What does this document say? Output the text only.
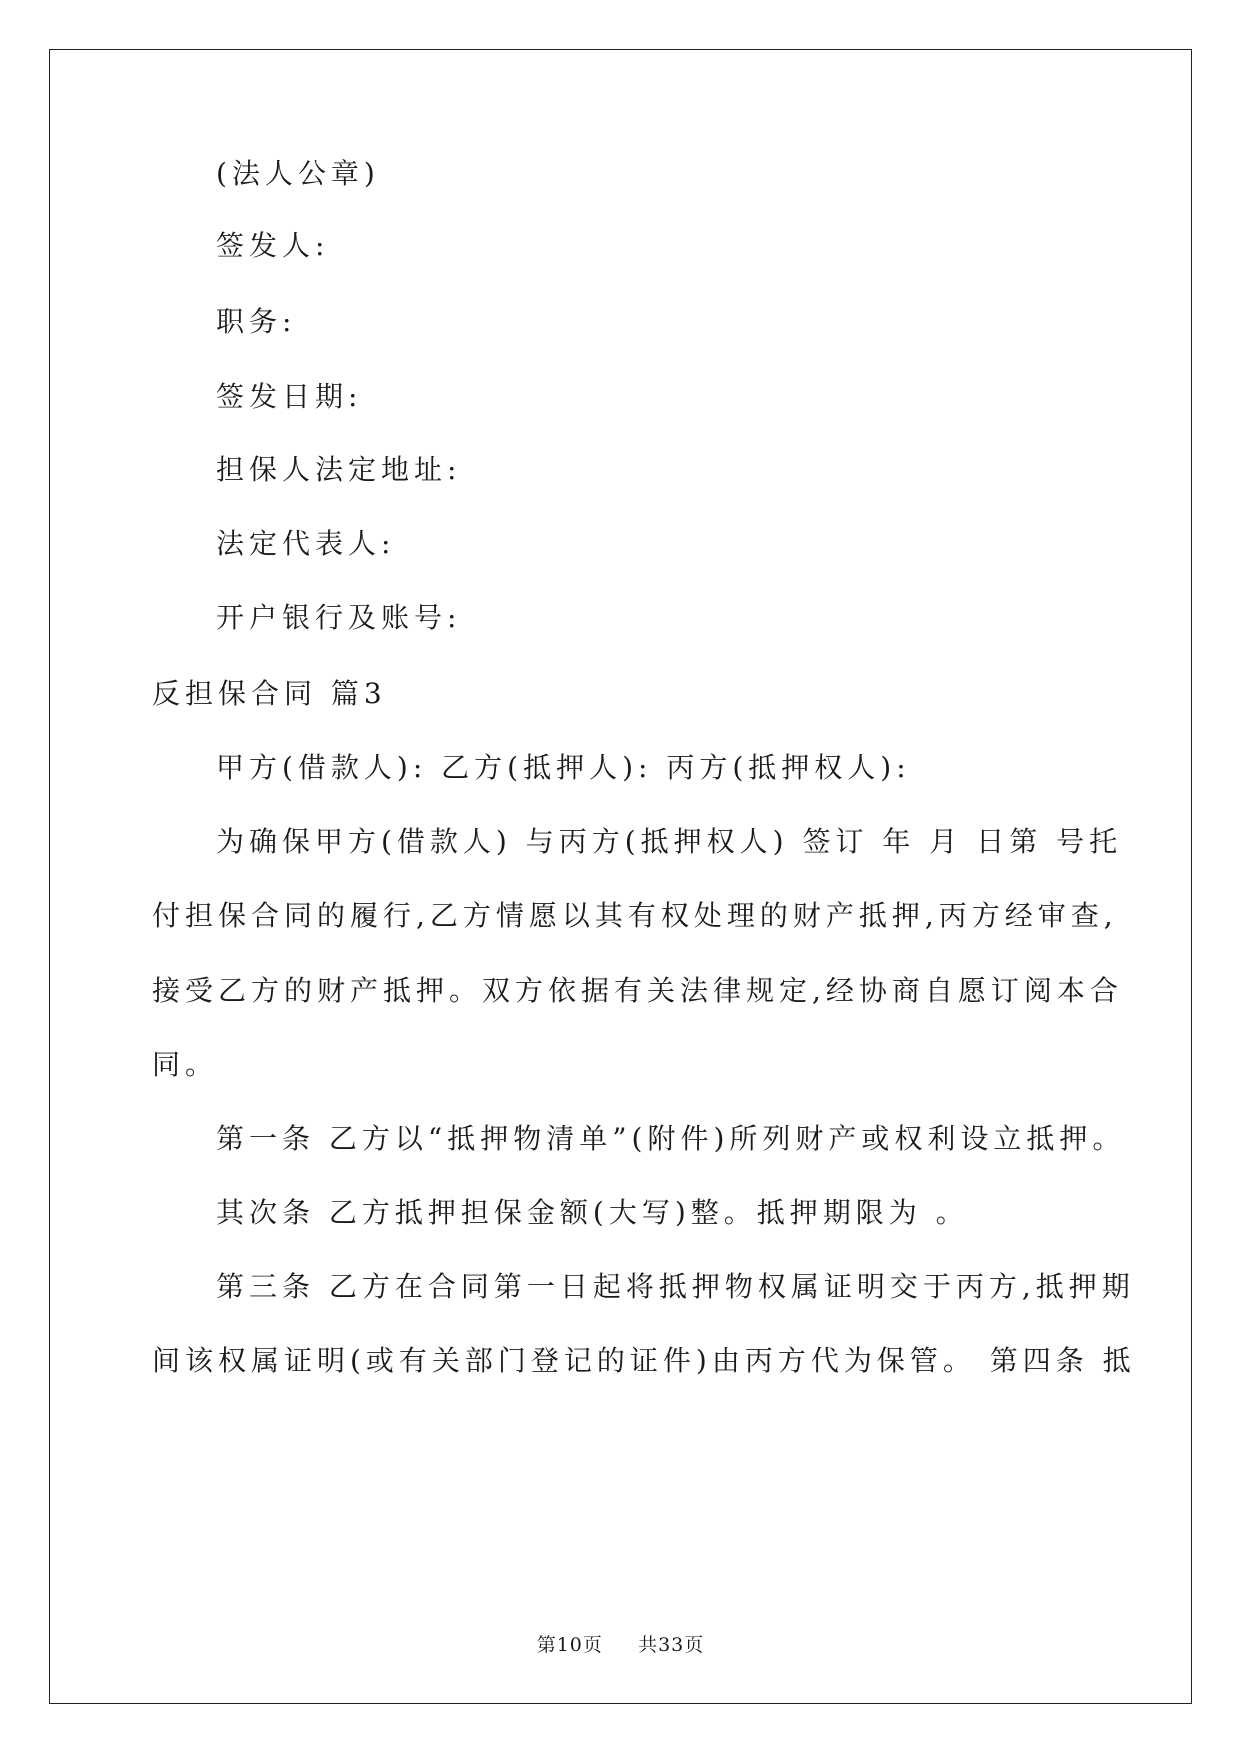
(法人公章)
签发人:
职务:
签发日期:
担保人法定地址:
法定代表人:
开户银行及账号:
反担保合同 篇3
甲方(借款人): 乙方(抵押人): 丙方(抵押权人):
为确保甲方(借款人) 与丙方(抵押权人) 签订 年 月 日第 号托
付担保合同的履行,乙方情愿以其有权处理的财产抵押,丙方经审查,
接受乙方的财产抵押。双方依据有关法律规定,经协商自愿订阅本合
同。
第一条 乙方以“抵押物清单”(附件)所列财产或权利设立抵押。
其次条 乙方抵押担保金额(大写)整。抵押期限为 。
第三条 乙方在合同第一日起将抵押物权属证明交于丙方,抵押期
间该权属证明(或有关部门登记的证件)由丙方代为保管。 第四条 抵
第10页 共33页
